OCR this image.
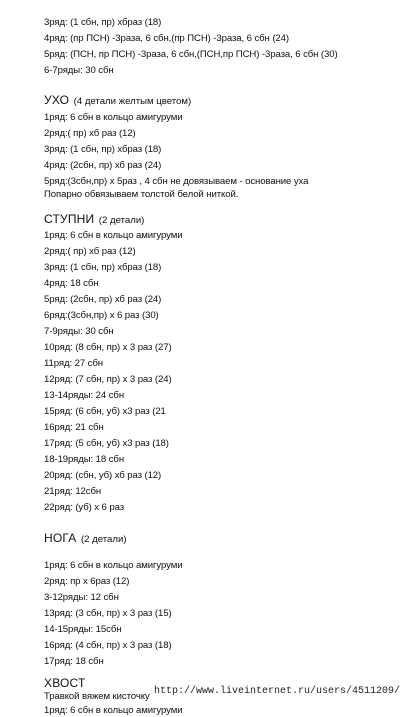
3ряд: (1 сбн, пр) хбраз (18)
4ряд: (пр ПСН) -3раза, 6 сбн,(пр ПСН) -3раза, 6 сбн (24)
5ряд: (ПСН, пр ПСН) -3раза, 6 сбн,(ПСН,пр ПСН) -3раза, 6 сбн (30)
6-7ряды: 30 сбн
УХО (4 детали желтым цветом)
1ряд: 6 сбн в кольцо амигуруми
2ряд:( пр) хб раз (12)
3ряд: (1 сбн, пр) хбраз (18)
4ряд: (2сбн, пр) хб раз (24)
5ряд:(3сбн,пр) х 5раз , 4 сбн не довязываем - основание уха
Попарно обвязываем толстой белой ниткой.
СТУПНИ (2 детали)
1ряд: 6 сбн в кольцо амигуруми
2ряд:( пр) хб раз (12)
3ряд: (1 сбн, пр) хбраз (18)
4ряд: 18 сбн
5ряд: (2сбн, пр) хб раз (24)
6ряд:(3сбн,пр) х 6 раз (30)
7-9ряды: 30 сбн
10ряд: (8 сбн, пр) х 3 раз (27)
11ряд: 27 сбн
12ряд: (7 сбн, пр) х 3 раз (24)
13-14ряды: 24 сбн
15ряд: (6 сбн, уб) х3 раз (21
16ряд: 21 сбн
17ряд: (5 сбн, уб) х3 раз (18)
18-19ряды: 18 сбн
20ряд: (сбн, уб) хб раз (12)
21ряд: 12сбн
22ряд: (уб) х 6 раз
НОГА (2 детали)
1ряд: 6 сбн в кольцо амигуруми
2ряд: пр х 6раз (12)
3-12ряды: 12 сбн
13ряд: (3 сбн, пр) х 3 раз (15)
14-15ряды: 15сбн
16ряд: (4 сбн, пр) х 3 раз (18)
17ряд: 18 сбн
ХВОСТ
Травкой вяжем кисточку
1ряд: 6 сбн в кольцо амигуруми
http://www.liveinternet.ru/users/4511209/
